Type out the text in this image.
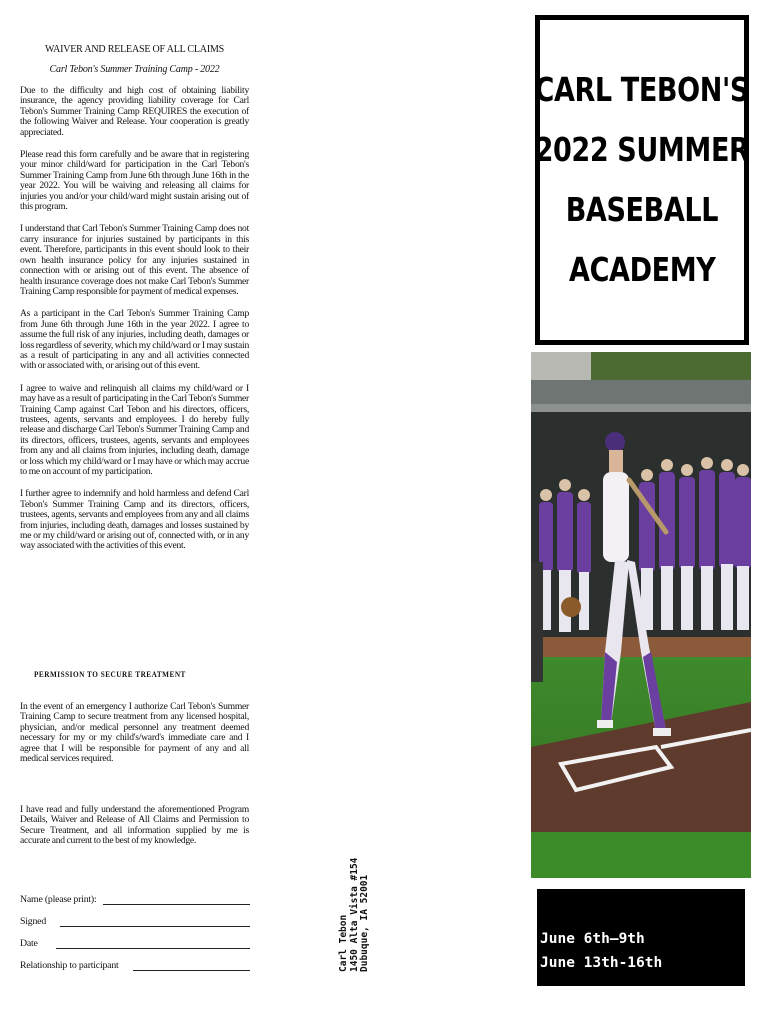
WAIVER AND RELEASE OF ALL CLAIMS

Carl Tebon's Summer Training Camp - 2022

Due to the difficulty and high cost of obtaining liability insurance, the agency providing liability coverage for Carl Tebon's Summer Training Camp REQUIRES the execution of the following Waiver and Release. Your cooperation is greatly appreciated.

Please read this form carefully and be aware that in registering your minor child/ward for participation in the Carl Tebon's Summer Training Camp from June 6th through June 16th in the year 2022. You will be waiving and releasing all claims for injuries you and/or your child/ward might sustain arising out of this program.

I understand that Carl Tebon's Summer Training Camp does not carry insurance for injuries sustained by participants in this event. Therefore, participants in this event should look to their own health insurance policy for any injuries sustained in connection with or arising out of this event. The absence of health insurance coverage does not make Carl Tebon's Summer Training Camp responsible for payment of medical expenses.

As a participant in the Carl Tebon's Summer Training Camp from June 6th through June 16th in the year 2022. I agree to assume the full risk of any injuries, including death, damages or loss regardless of severity, which my child/ward or I may sustain as a result of participating in any and all activities connected with or associated with, or arising out of this event.

I agree to waive and relinquish all claims my child/ward or I may have as a result of participating in the Carl Tebon's Summer Training Camp against Carl Tebon and his directors, officers, trustees, agents, servants and employees. I do hereby fully release and discharge Carl Tebon's Summer Training Camp and its directors, officers, trustees, agents, servants and employees from any and all claims from injuries, including death, damage or loss which my child/ward or I may have or which may accrue to me on account of my participation.

I further agree to indemnify and hold harmless and defend Carl Tebon's Summer Training Camp and its directors, officers, trustees, agents, servants and employees from any and all claims from injuries, including death, damages and losses sustained by me or my child/ward or arising out of, connected with, or in any way associated with the activities of this event.

PERMISSION TO SECURE TREATMENT

In the event of an emergency I authorize Carl Tebon's Summer Training Camp to secure treatment from any licensed hospital, physician, and/or medical personnel any treatment deemed necessary for my or my child's/ward's immediate care and I agree that I will be responsible for payment of any and all medical services required.

I have read and fully understand the aforementioned Program Details, Waiver and Release of All Claims and Permission to Secure Treatment, and all information supplied by me is accurate and current to the best of my knowledge.

Name (please print):
Signed
Date
Relationship to participant	Carl Tebon 1450 Alta Vista #154 Dubuque, IA 52001
CARL TEBON'S
2022 SUMMER
BASEBALL
ACADEMY
June 6th—9th
June 13th-16th
